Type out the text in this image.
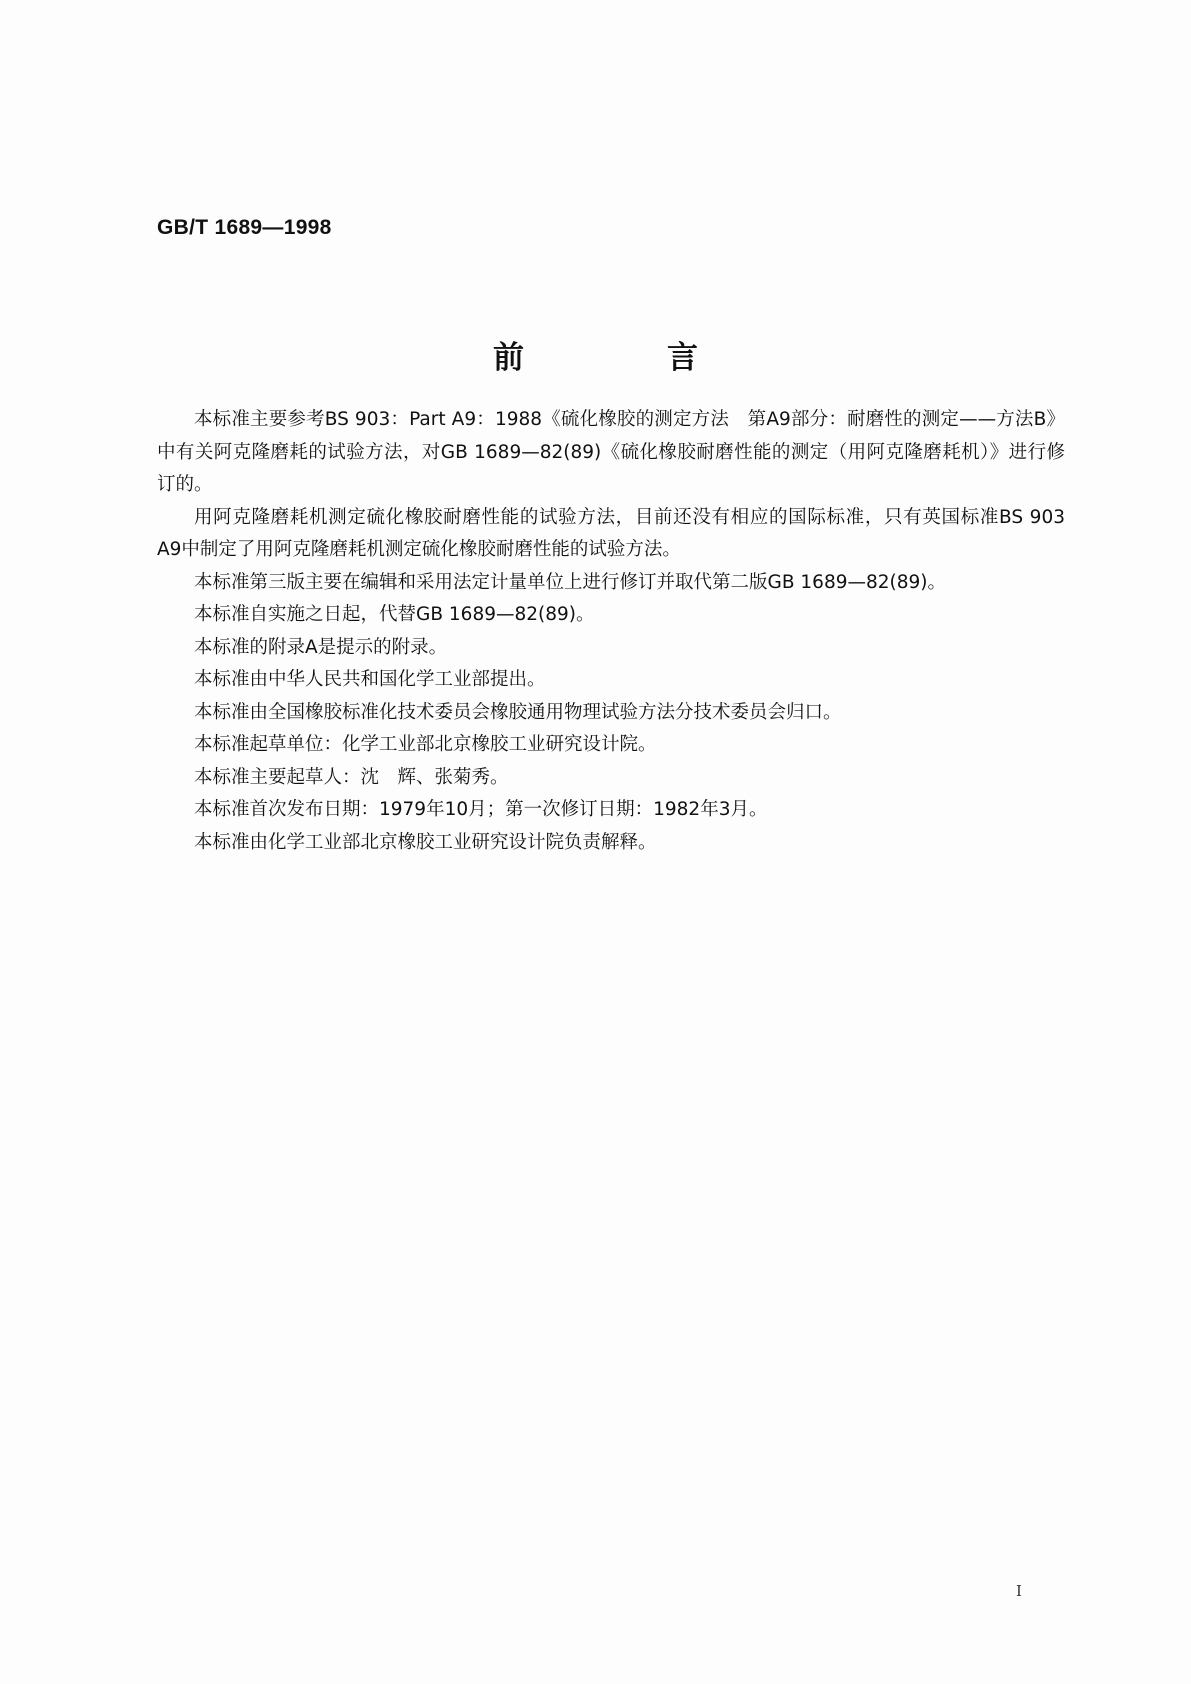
GB/T 1689—1998
前　言

本标准主要参考BS 903：Part A9：1988《硫化橡胶的测定方法　第A9部分：耐磨性的测定——方法B》中有关阿克隆磨耗的试验方法，对GB 1689—82(89)《硫化橡胶耐磨性能的测定（用阿克隆磨耗机）》进行修订的。

用阿克隆磨耗机测定硫化橡胶耐磨性能的试验方法，目前还没有相应的国际标准，只有英国标准BS 903 A9中制定了用阿克隆磨耗机测定硫化橡胶耐磨性能的试验方法。

本标准第三版主要在编辑和采用法定计量单位上进行修订并取代第二版GB 1689—82(89)。

本标准自实施之日起，代替GB 1689—82(89)。

本标准的附录A是提示的附录。

本标准由中华人民共和国化学工业部提出。

本标准由全国橡胶标准化技术委员会橡胶通用物理试验方法分技术委员会归口。

本标准起草单位：化学工业部北京橡胶工业研究设计院。

本标准主要起草人：沈　辉、张菊秀。

本标准首次发布日期：1979年10月；第一次修订日期：1982年3月。

本标准由化学工业部北京橡胶工业研究设计院负责解释。

I
